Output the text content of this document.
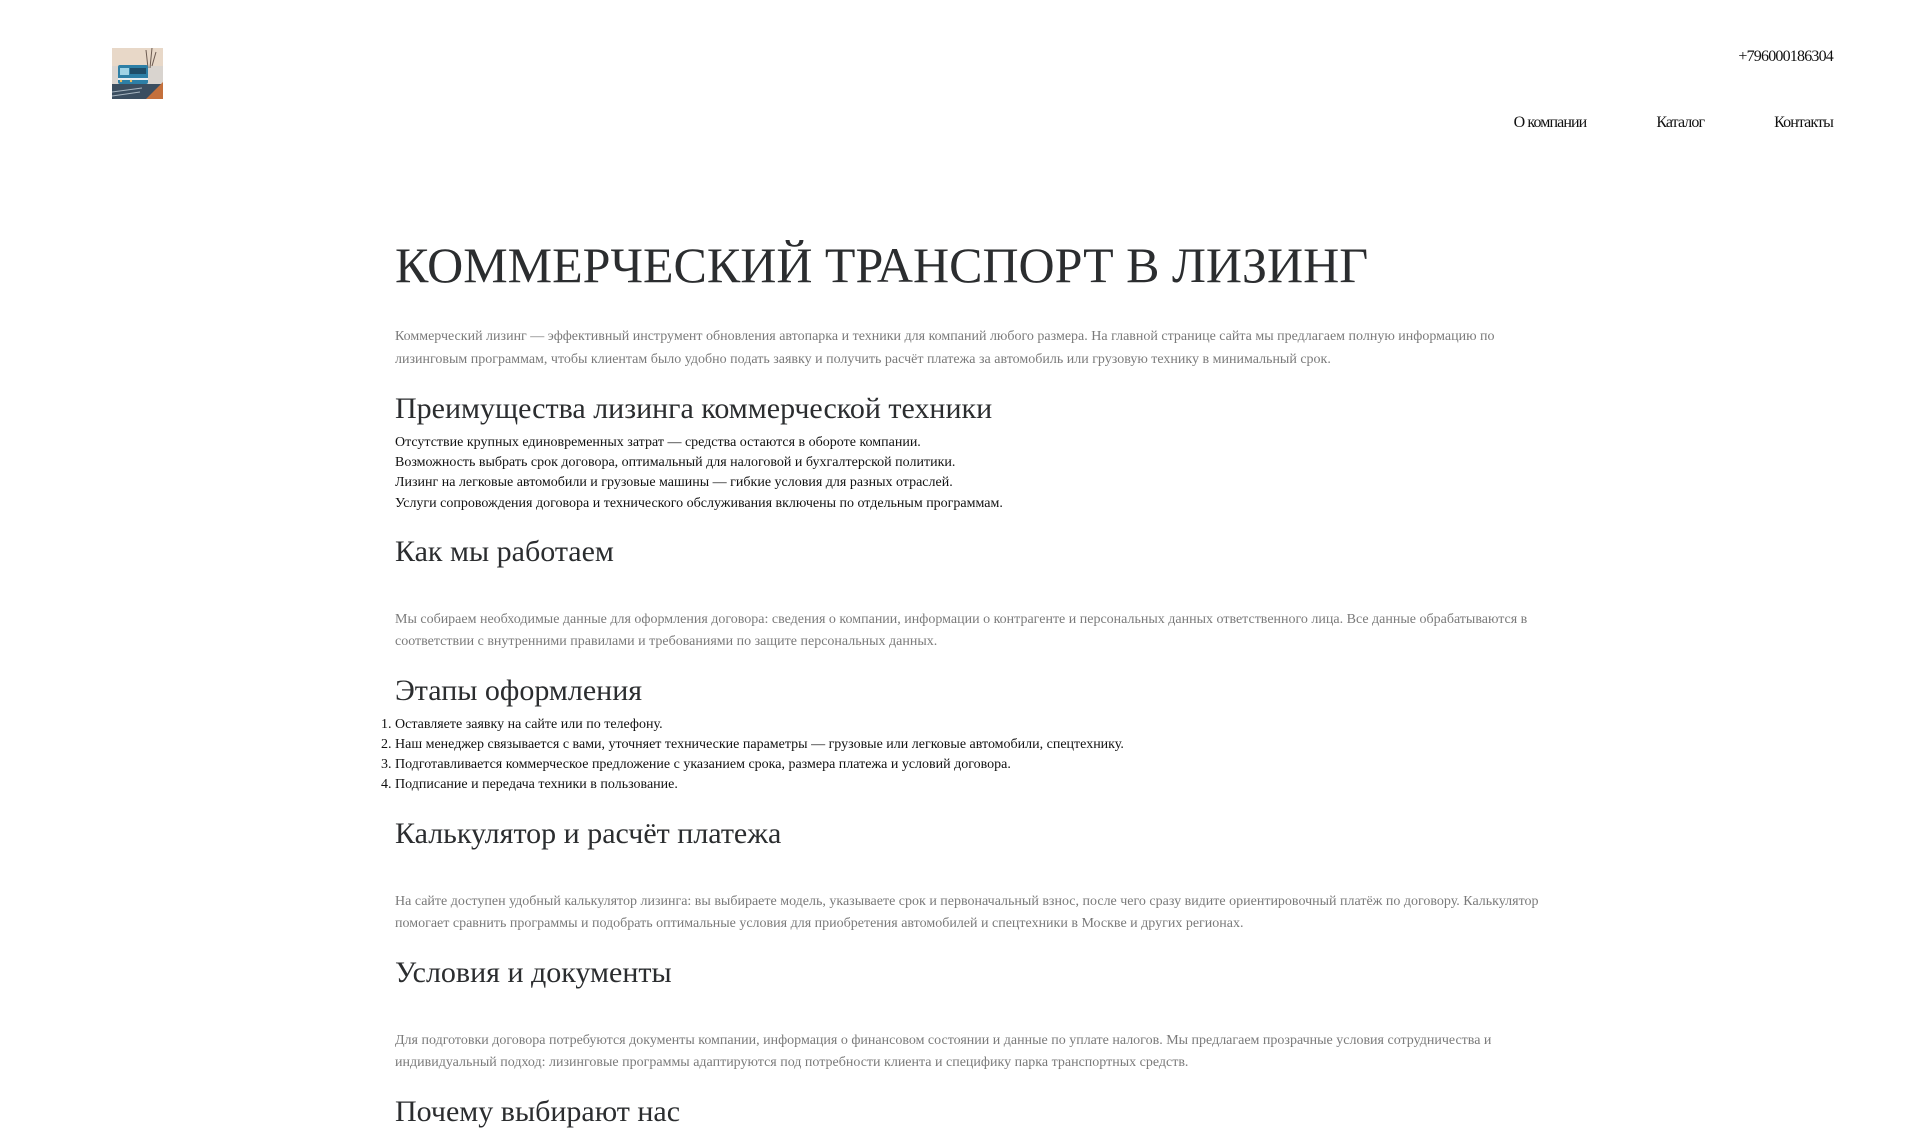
+796000186304
О компании	Каталог	Контакты
КОММЕРЧЕСКИЙ ТРАНСПОРТ В ЛИЗИНГ

Коммерческий лизинг — эффективный инструмент обновления автопарка и техники для компаний любого размера. На главной странице сайта мы предлагаем полную информацию по лизинговым программам, чтобы клиентам было удобно подать заявку и получить расчёт платежа за автомобиль или грузовую технику в минимальный срок.

Преимущества лизинга коммерческой техники
Отсутствие крупных единовременных затрат — средства остаются в обороте компании.
Возможность выбрать срок договора, оптимальный для налоговой и бухгалтерской политики.
Лизинг на легковые автомобили и грузовые машины — гибкие условия для разных отраслей.
Услуги сопровождения договора и технического обслуживания включены по отдельным программам.
Как мы работаем

Мы собираем необходимые данные для оформления договора: сведения о компании, информации о контрагенте и персональных данных ответственного лица. Все данные обрабатываются в соответствии с внутренними правилами и требованиями по защите персональных данных.

Этапы оформления
1. Оставляете заявку на сайте или по телефону.
2. Наш менеджер связывается с вами, уточняет технические параметры — грузовые или легковые автомобили, спецтехнику.
3. Подготавливается коммерческое предложение с указанием срока, размера платежа и условий договора.
4. Подписание и передача техники в пользование.
Калькулятор и расчёт платежа

На сайте доступен удобный калькулятор лизинга: вы выбираете модель, указываете срок и первоначальный взнос, после чего сразу видите ориентировочный платёж по договору. Калькулятор помогает сравнить программы и подобрать оптимальные условия для приобретения автомобилей и спецтехники в Москве и других регионах.

Условия и документы

Для подготовки договора потребуются документы компании, информация о финансовом состоянии и данные по уплате налогов. Мы предлагаем прозрачные условия сотрудничества и индивидуальный подход: лизинговые программы адаптируются под потребности клиента и специфику парка транспортных средств.

Почему выбирают нас
